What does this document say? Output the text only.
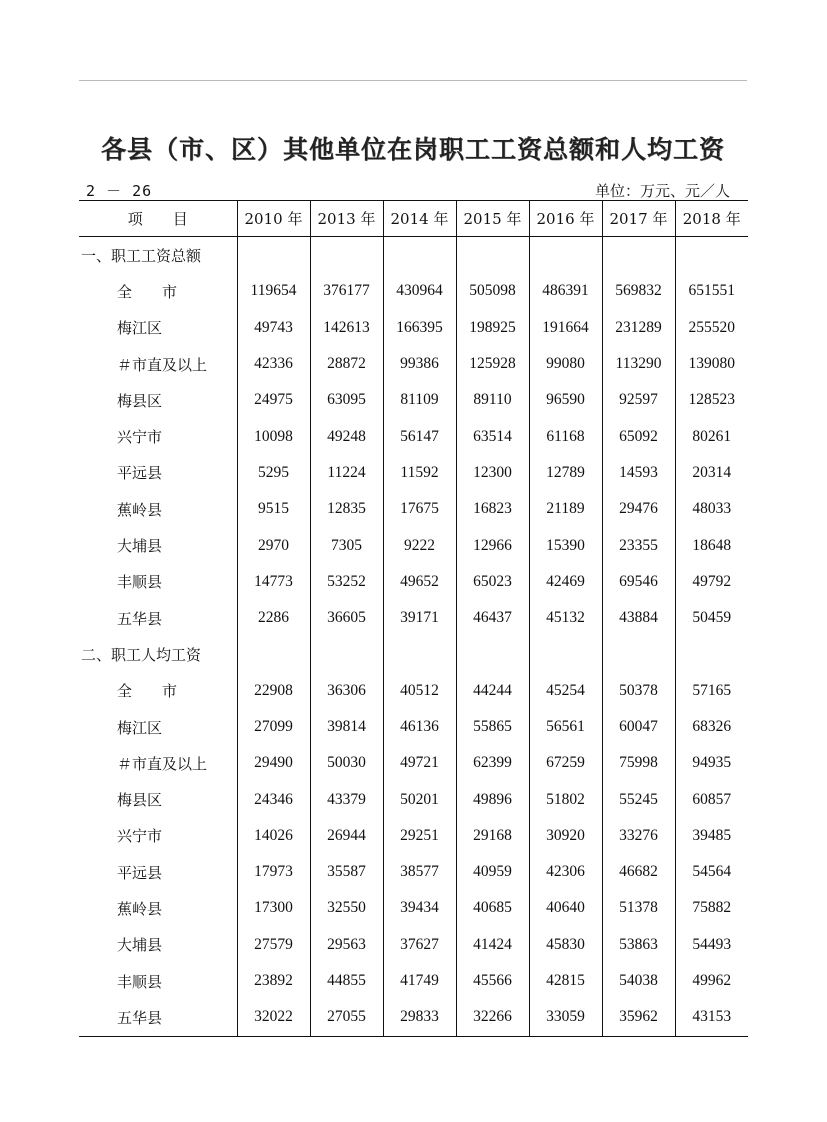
各县（市、区）其他单位在岗职工工资总额和人均工资
2 － 26	单位：万元、元／人
项　　目	2010 年	2013 年	2014 年	2015 年	2016 年	2017 年	2018 年
一、职工工资总额							
全　　市	119654	376177	430964	505098	486391	569832	651551
梅江区	49743	142613	166395	198925	191664	231289	255520
＃市直及以上	42336	28872	99386	125928	99080	113290	139080
梅县区	24975	63095	81109	89110	96590	92597	128523
兴宁市	10098	49248	56147	63514	61168	65092	80261
平远县	5295	11224	11592	12300	12789	14593	20314
蕉岭县	9515	12835	17675	16823	21189	29476	48033
大埔县	2970	7305	9222	12966	15390	23355	18648
丰顺县	14773	53252	49652	65023	42469	69546	49792
五华县	2286	36605	39171	46437	45132	43884	50459
二、职工人均工资							
全　　市	22908	36306	40512	44244	45254	50378	57165
梅江区	27099	39814	46136	55865	56561	60047	68326
＃市直及以上	29490	50030	49721	62399	67259	75998	94935
梅县区	24346	43379	50201	49896	51802	55245	60857
兴宁市	14026	26944	29251	29168	30920	33276	39485
平远县	17973	35587	38577	40959	42306	46682	54564
蕉岭县	17300	32550	39434	40685	40640	51378	75882
大埔县	27579	29563	37627	41424	45830	53863	54493
丰顺县	23892	44855	41749	45566	42815	54038	49962
五华县	32022	27055	29833	32266	33059	35962	43153
